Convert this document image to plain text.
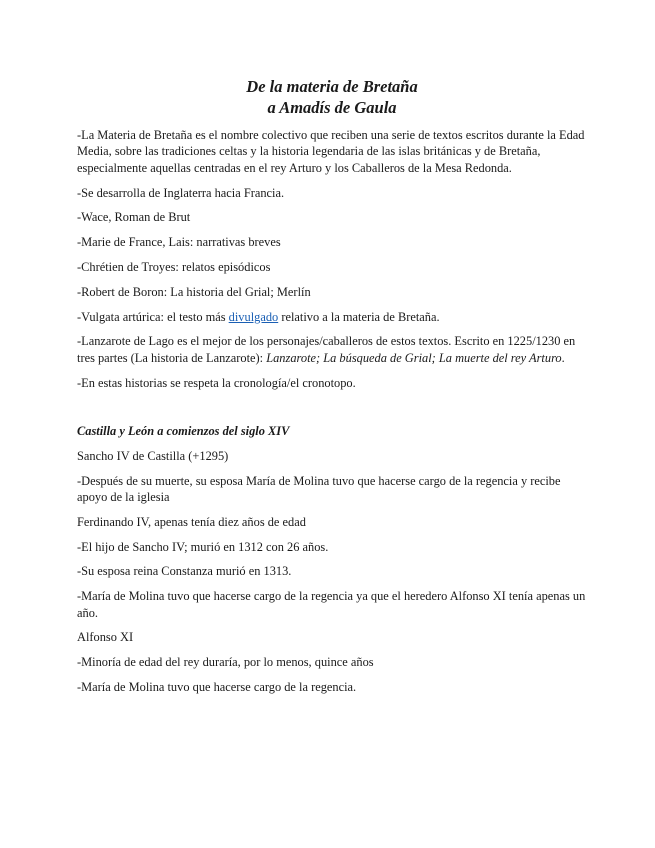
De la materia de Bretaña
a Amadís de Gaula

-La Materia de Bretaña es el nombre colectivo que reciben una serie de textos escritos durante la Edad Media, sobre las tradiciones celtas y la historia legendaria de las islas británicas y de Bretaña, especialmente aquellas centradas en el rey Arturo y los Caballeros de la Mesa Redonda.

-Se desarrolla de Inglaterra hacia Francia.

-Wace, Roman de Brut

-Marie de France, Lais: narrativas breves

-Chrétien de Troyes: relatos episódicos

-Robert de Boron: La historia del Grial; Merlín

-Vulgata artúrica: el testo más divulgado relativo a la materia de Bretaña.

-Lanzarote de Lago es el mejor de los personajes/caballeros de estos textos. Escrito en 1225/1230 en tres partes (La historia de Lanzarote): Lanzarote; La búsqueda de Grial; La muerte del rey Arturo.

-En estas historias se respeta la cronología/el cronotopo.

Castilla y León a comienzos del siglo XIV

Sancho IV de Castilla (+1295)

-Después de su muerte, su esposa María de Molina tuvo que hacerse cargo de la regencia y recibe apoyo de la iglesia

Ferdinando IV, apenas tenía diez años de edad

-El hijo de Sancho IV; murió en 1312 con 26 años.

-Su esposa reina Constanza murió en 1313.

-María de Molina tuvo que hacerse cargo de la regencia ya que el heredero Alfonso XI tenía apenas un año.

Alfonso XI

-Minoría de edad del rey duraría, por lo menos, quince años

-María de Molina tuvo que hacerse cargo de la regencia.
